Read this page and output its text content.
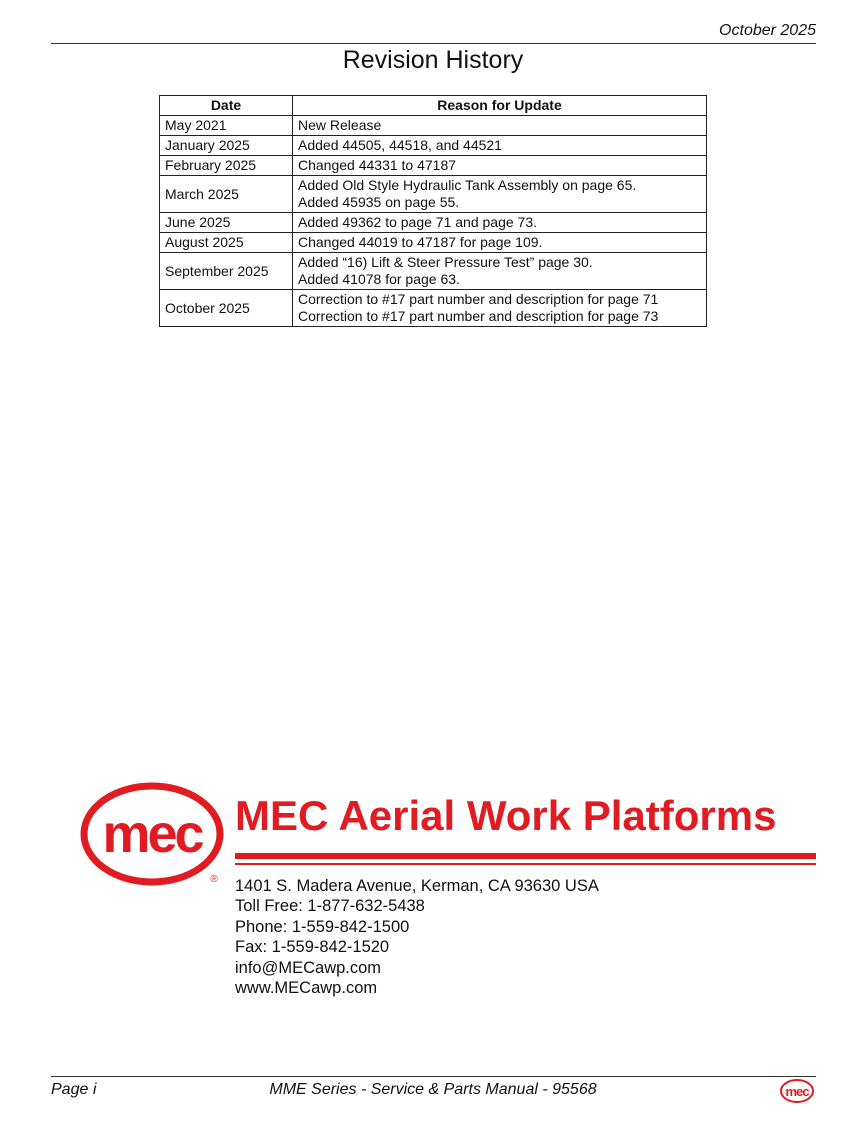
October 2025
Revision History
Date	Reason for Update
May 2021	New Release

January 2025	Added 44505, 44518, and 44521

February 2025	Changed 44331 to 47187

March 2025	Added Old Style Hydraulic Tank Assembly on page 65.
Added 45935 on page 55.

June 2025	Added 49362 to page 71 and page 73.

August 2025	Changed 44019 to 47187 for page 109.

September 2025	Added “16) Lift & Steer Pressure Test” page 30.
Added 41078 for page 63.

October 2025	Correction to #17 part number and description for page 71
Correction to #17 part number and description for page 73
mec
®
MEC Aerial Work Platforms
1401 S. Madera Avenue, Kerman, CA 93630 USA
Toll Free: 1-877-632-5438
Phone: 1-559-842-1500
Fax: 1-559-842-1520
info@MECawp.com
www.MECawp.com
Page i	MME Series - Service & Parts Manual - 95568	mec
